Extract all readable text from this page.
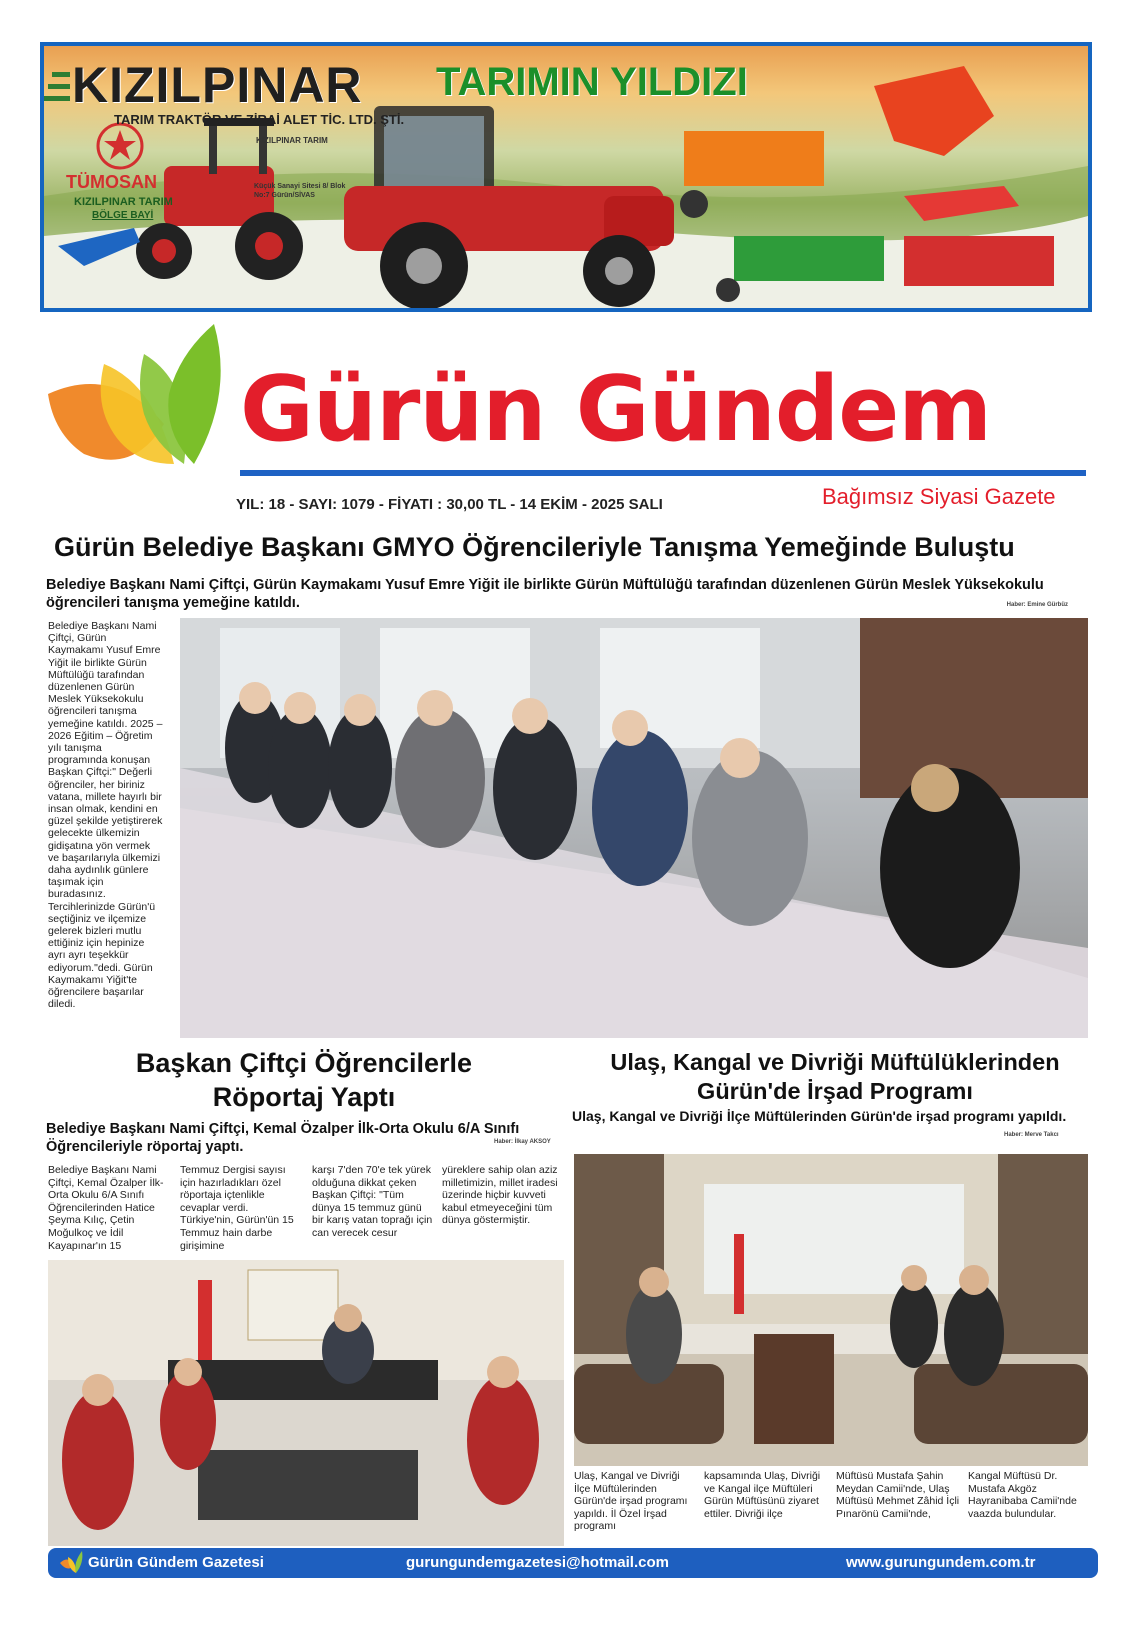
KIZILPINAR
TARIM TRAKTÖR VE ZİRAİ ALET TİC. LTD. ŞTİ.
TARIMIN YILDIZI
KIZILPINAR TARIM
Küçük Sanayi Sitesi 8/ Blok No:7 Gürün/SİVAS
TÜMOSAN
KIZILPINAR TARIM
BÖLGE BAYİ
Gürün Gündem
YIL: 18 - SAYI: 1079 - FİYATI : 30,00 TL - 14 EKİM - 2025 SALI	Bağımsız Siyasi Gazete
Gürün Belediye Başkanı GMYO Öğrencileriyle Tanışma Yemeğinde Buluştu
Belediye Başkanı Nami Çiftçi, Gürün Kaymakamı Yusuf Emre Yiğit ile birlikte Gürün Müftülüğü tarafından düzenlenen Gürün Meslek Yüksekokulu öğrencileri tanışma yemeğine katıldı.	Haber: Emine Gürbüz
Belediye Başkanı Nami Çiftçi, Gürün Kaymakamı Yusuf Emre Yiğit ile birlikte Gürün Müftülüğü tarafından düzenlenen Gürün Meslek Yüksekokulu öğrencileri tanışma yemeğine katıldı. 2025 – 2026 Eğitim – Öğretim yılı tanışma programında konuşan Başkan Çiftçi:" Değerli öğrenciler, her biriniz vatana, millete hayırlı bir insan olmak, kendini en güzel şekilde yetiştirerek gelecekte ülkemizin gidişatına yön vermek ve başarılarıyla ülkemizi daha aydınlık günlere taşımak için buradasınız. Tercihlerinizde Gürün'ü seçtiğiniz ve ilçemize gelerek bizleri mutlu ettiğiniz için hepinize ayrı ayrı teşekkür ediyorum."dedi. Gürün Kaymakamı Yiğit'te öğrencilere başarılar diledi.
Başkan Çiftçi Öğrencilerle Röportaj Yaptı
Belediye Başkanı Nami Çiftçi, Kemal Özalper İlk-Orta Okulu 6/A Sınıfı Öğrencileriyle röportaj yaptı.	Haber: İlkay AKSOY
Belediye Başkanı Nami Çiftçi, Kemal Özalper İlk-Orta Okulu 6/A Sınıfı Öğrencilerinden Hatice Şeyma Kılıç, Çetin Moğulkoç ve İdil Kayapınar'ın 15
Temmuz Dergisi sayısı için hazırladıkları özel röportaja içtenlikle cevaplar verdi. Türkiye'nin, Gürün'ün 15 Temmuz hain darbe girişimine
karşı 7'den 70'e tek yürek olduğuna dikkat çeken Başkan Çiftçi: "Tüm dünya 15 temmuz günü bir karış vatan toprağı için can verecek cesur
yüreklere sahip olan aziz milletimizin, millet iradesi üzerinde hiçbir kuvveti kabul etmeyeceğini tüm dünya göstermiştir.
Ulaş, Kangal ve Divriği Müftülüklerinden Gürün'de İrşad Programı
Ulaş, Kangal ve Divriği İlçe Müftülerinden Gürün'de irşad programı yapıldı.
Haber: Merve Takcı
Ulaş, Kangal ve Divriği İlçe Müftülerinden Gürün'de irşad programı yapıldı. İl Özel İrşad programı
kapsamında Ulaş, Divriği ve Kangal ilçe Müftüleri Gürün Müftüsünü ziyaret ettiler. Divriği ilçe
Müftüsü Mustafa Şahin Meydan Camii'nde, Ulaş Müftüsü Mehmet Zâhid İçli Pınarönü Camii'nde,
Kangal Müftüsü Dr. Mustafa Akgöz Hayranibaba Camii'nde vaazda bulundular.
Gürün Gündem Gazetesi	gurungundemgazetesi@hotmail.com	www.gurungundem.com.tr
